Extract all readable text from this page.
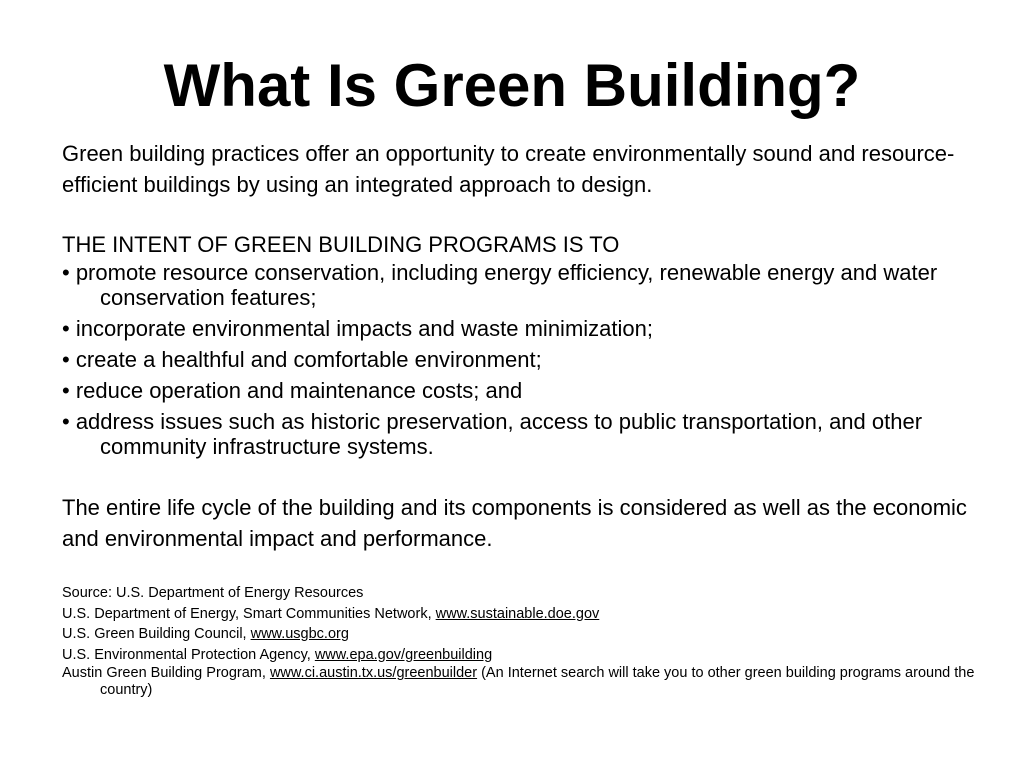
What Is Green Building?
Green building practices offer an opportunity to create environmentally sound and resource-efficient buildings by using an integrated approach to design.

THE INTENT OF GREEN BUILDING PROGRAMS IS TO

• promote resource conservation, including energy efficiency, renewable energy and water conservation features;

• incorporate environmental impacts and waste minimization;

• create a healthful and comfortable environment;

• reduce operation and maintenance costs; and

• address issues such as historic preservation, access to public transportation, and other community infrastructure systems.

The entire life cycle of the building and its components is considered as well as the economic and environmental impact and performance.

Source: U.S. Department of Energy Resources

U.S. Department of Energy, Smart Communities Network, www.sustainable.doe.gov

U.S. Green Building Council, www.usgbc.org

U.S. Environmental Protection Agency, www.epa.gov/greenbuilding

Austin Green Building Program, www.ci.austin.tx.us/greenbuilder (An Internet search will take you to other green building programs around the country)
